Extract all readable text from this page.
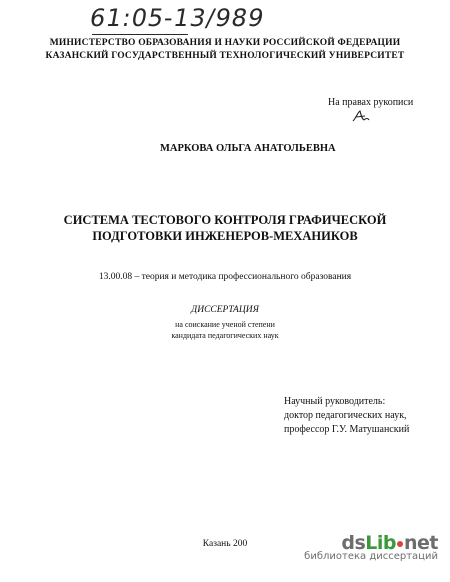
61:05-13/989
МИНИСТЕРСТВО ОБРАЗОВАНИЯ И НАУКИ РОССИЙСКОЙ ФЕДЕРАЦИИ
КАЗАНСКИЙ ГОСУДАРСТВЕННЫЙ ТЕХНОЛОГИЧЕСКИЙ УНИВЕРСИТЕТ
На правах рукописи
МАРКОВА ОЛЬГА АНАТОЛЬЕВНА
СИСТЕМА ТЕСТОВОГО КОНТРОЛЯ ГРАФИЧЕСКОЙ
ПОДГОТОВКИ ИНЖЕНЕРОВ-МЕХАНИКОВ
13.00.08 – теория и методика профессионального образования
ДИССЕРТАЦИЯ
на соискание ученой степени
кандидата педагогических наук
Научный руководитель:
доктор педагогических наук,
профессор Г.У. Матушанский
Казань 200	dsLib net
библиотека диссертаций
